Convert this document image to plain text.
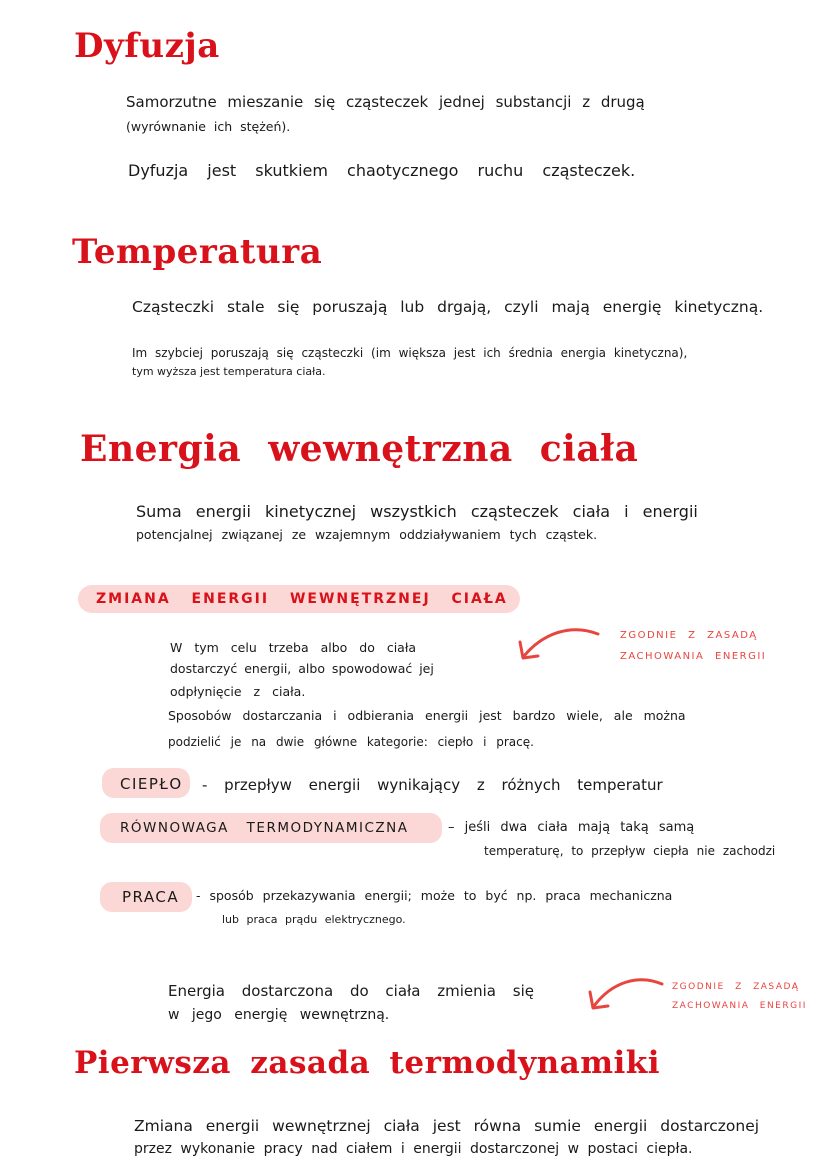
Dyfuzja
Samorzutne mieszanie się cząsteczek jednej substancji z drugą
(wyrównanie ich stężeń).
Dyfuzja jest skutkiem chaotycznego ruchu cząsteczek.
Temperatura
Cząsteczki stale się poruszają lub drgają, czyli mają energię kinetyczną.
Im szybciej poruszają się cząsteczki (im większa jest ich średnia energia kinetyczna),
tym wyższa jest temperatura ciała.
Energia wewnętrzna ciała
Suma energii kinetycznej wszystkich cząsteczek ciała i energii
potencjalnej związanej ze wzajemnym oddziaływaniem tych cząstek.
ZMIANA ENERGII WEWNĘTRZNEJ CIAŁA
W tym celu trzeba albo do ciała
dostarczyć energii, albo spowodować jej
odpłynięcie z ciała.
Sposobów dostarczania i odbierania energii jest bardzo wiele, ale można
podzielić je na dwie główne kategorie: ciepło i pracę.
ZGODNIE Z ZASADĄ
ZACHOWANIA ENERGII
CIEPŁO - przepływ energii wynikający z różnych temperatur
RÓWNOWAGA TERMODYNAMICZNA	– jeśli dwa ciała mają taką samą
temperaturę, to przepływ ciepła nie zachodzi
PRACA - sposób przekazywania energii; może to być np. praca mechaniczna
lub praca prądu elektrycznego.
Energia dostarczona do ciała zmienia się
w jego energię wewnętrzną.
ZGODNIE Z ZASADĄ
ZACHOWANIA ENERGII
Pierwsza zasada termodynamiki
Zmiana energii wewnętrznej ciała jest równa sumie energii dostarczonej
przez wykonanie pracy nad ciałem i energii dostarczonej w postaci ciepła.
